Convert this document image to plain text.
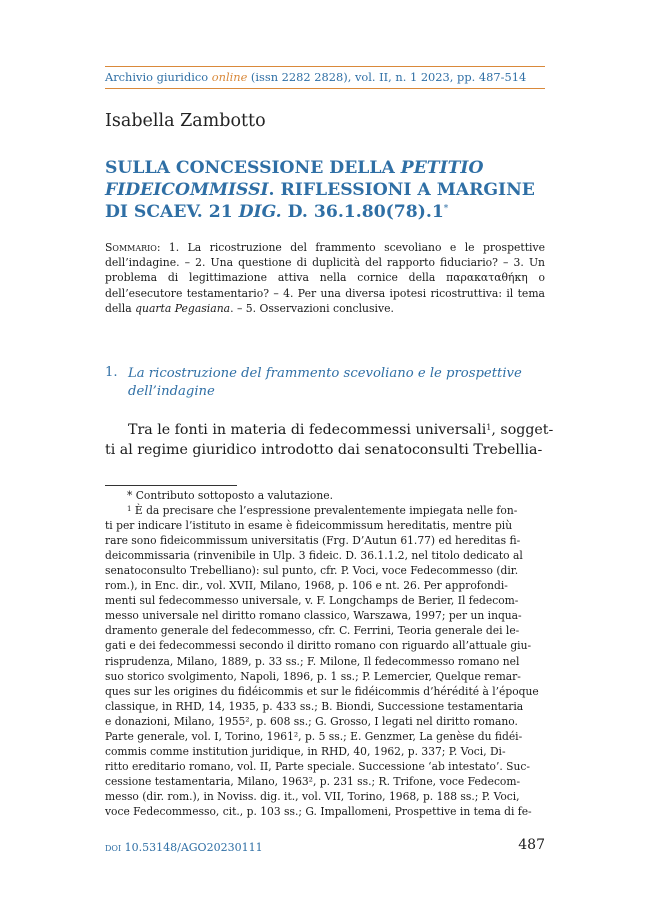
Archivio giuridico online (issn 2282 2828), vol. II, n. 1 2023, pp. 487-514
Isabella Zambotto
SULLA CONCESSIONE DELLA PETITIO FIDEICOMMISSI. RIFLESSIONI A MARGINE DI SCAEV. 21 DIG. D. 36.1.80(78).1*
Sommario: 1. La ricostruzione del frammento scevoliano e le prospettive dell’indagine. – 2. Una questione di duplicità del rapporto fiduciario? – 3. Un problema di legittimazione attiva nella cornice della παρακαταθήκη o dell’esecutore testamentario? – 4. Per una diversa ipotesi ricostruttiva: il tema della quarta Pegasiana. – 5. Osservazioni conclusive.
1. La ricostruzione del frammento scevoliano e le prospettive dell’indagine
Tra le fonti in materia di fedecommessi universali$^1$, sogget-
ti al regime giuridico introdotto dai senatoconsulti Trebellia-
* Contributo sottoposto a valutazione.
$^1$ È da precisare che l’espressione prevalentemente impiegata nelle fon-
ti per indicare l’istituto in esame è fideicommissum hereditatis, mentre più
rare sono fideicommissum universitatis (Frg. D’Autun 61.77) ed hereditas fi-
deicommissaria (rinvenibile in Ulp. 3 fideic. D. 36.1.1.2, nel titolo dedicato al
senatoconsulto Trebelliano): sul punto, cfr. P. Voci, voce Fedecommesso (dir.
rom.), in Enc. dir., vol. XVII, Milano, 1968, p. 106 e nt. 26. Per approfondi-
menti sul fedecommesso universale, v. F. Longchamps de Berier, Il fedecom-
messo universale nel diritto romano classico, Warszawa, 1997; per un inqua-
dramento generale del fedecommesso, cfr. C. Ferrini, Teoria generale dei le-
gati e dei fedecommessi secondo il diritto romano con riguardo all’attuale giu-
risprudenza, Milano, 1889, p. 33 ss.; F. Milone, Il fedecommesso romano nel
suo storico svolgimento, Napoli, 1896, p. 1 ss.; P. Lemercier, Quelque remar-
ques sur les origines du fidéicommis et sur le fidéicommis d’hérédité à l’époque
classique, in RHD, 14, 1935, p. 433 ss.; B. Biondi, Successione testamentaria
e donazioni, Milano, 1955², p. 608 ss.; G. Grosso, I legati nel diritto romano.
Parte generale, vol. I, Torino, 1961², p. 5 ss.; E. Genzmer, La genèse du fidéi-
commis comme institution juridique, in RHD, 40, 1962, p. 337; P. Voci, Di-
ritto ereditario romano, vol. II, Parte speciale. Successione ‘ab intestato’. Suc-
cessione testamentaria, Milano, 1963², p. 231 ss.; R. Trifone, voce Fedecom-
messo (dir. rom.), in Noviss. dig. it., vol. VII, Torino, 1968, p. 188 ss.; P. Voci,
voce Fedecommesso, cit., p. 103 ss.; G. Impallomeni, Prospettive in tema di fe-
doi 10.53148/AGO20230111	487
